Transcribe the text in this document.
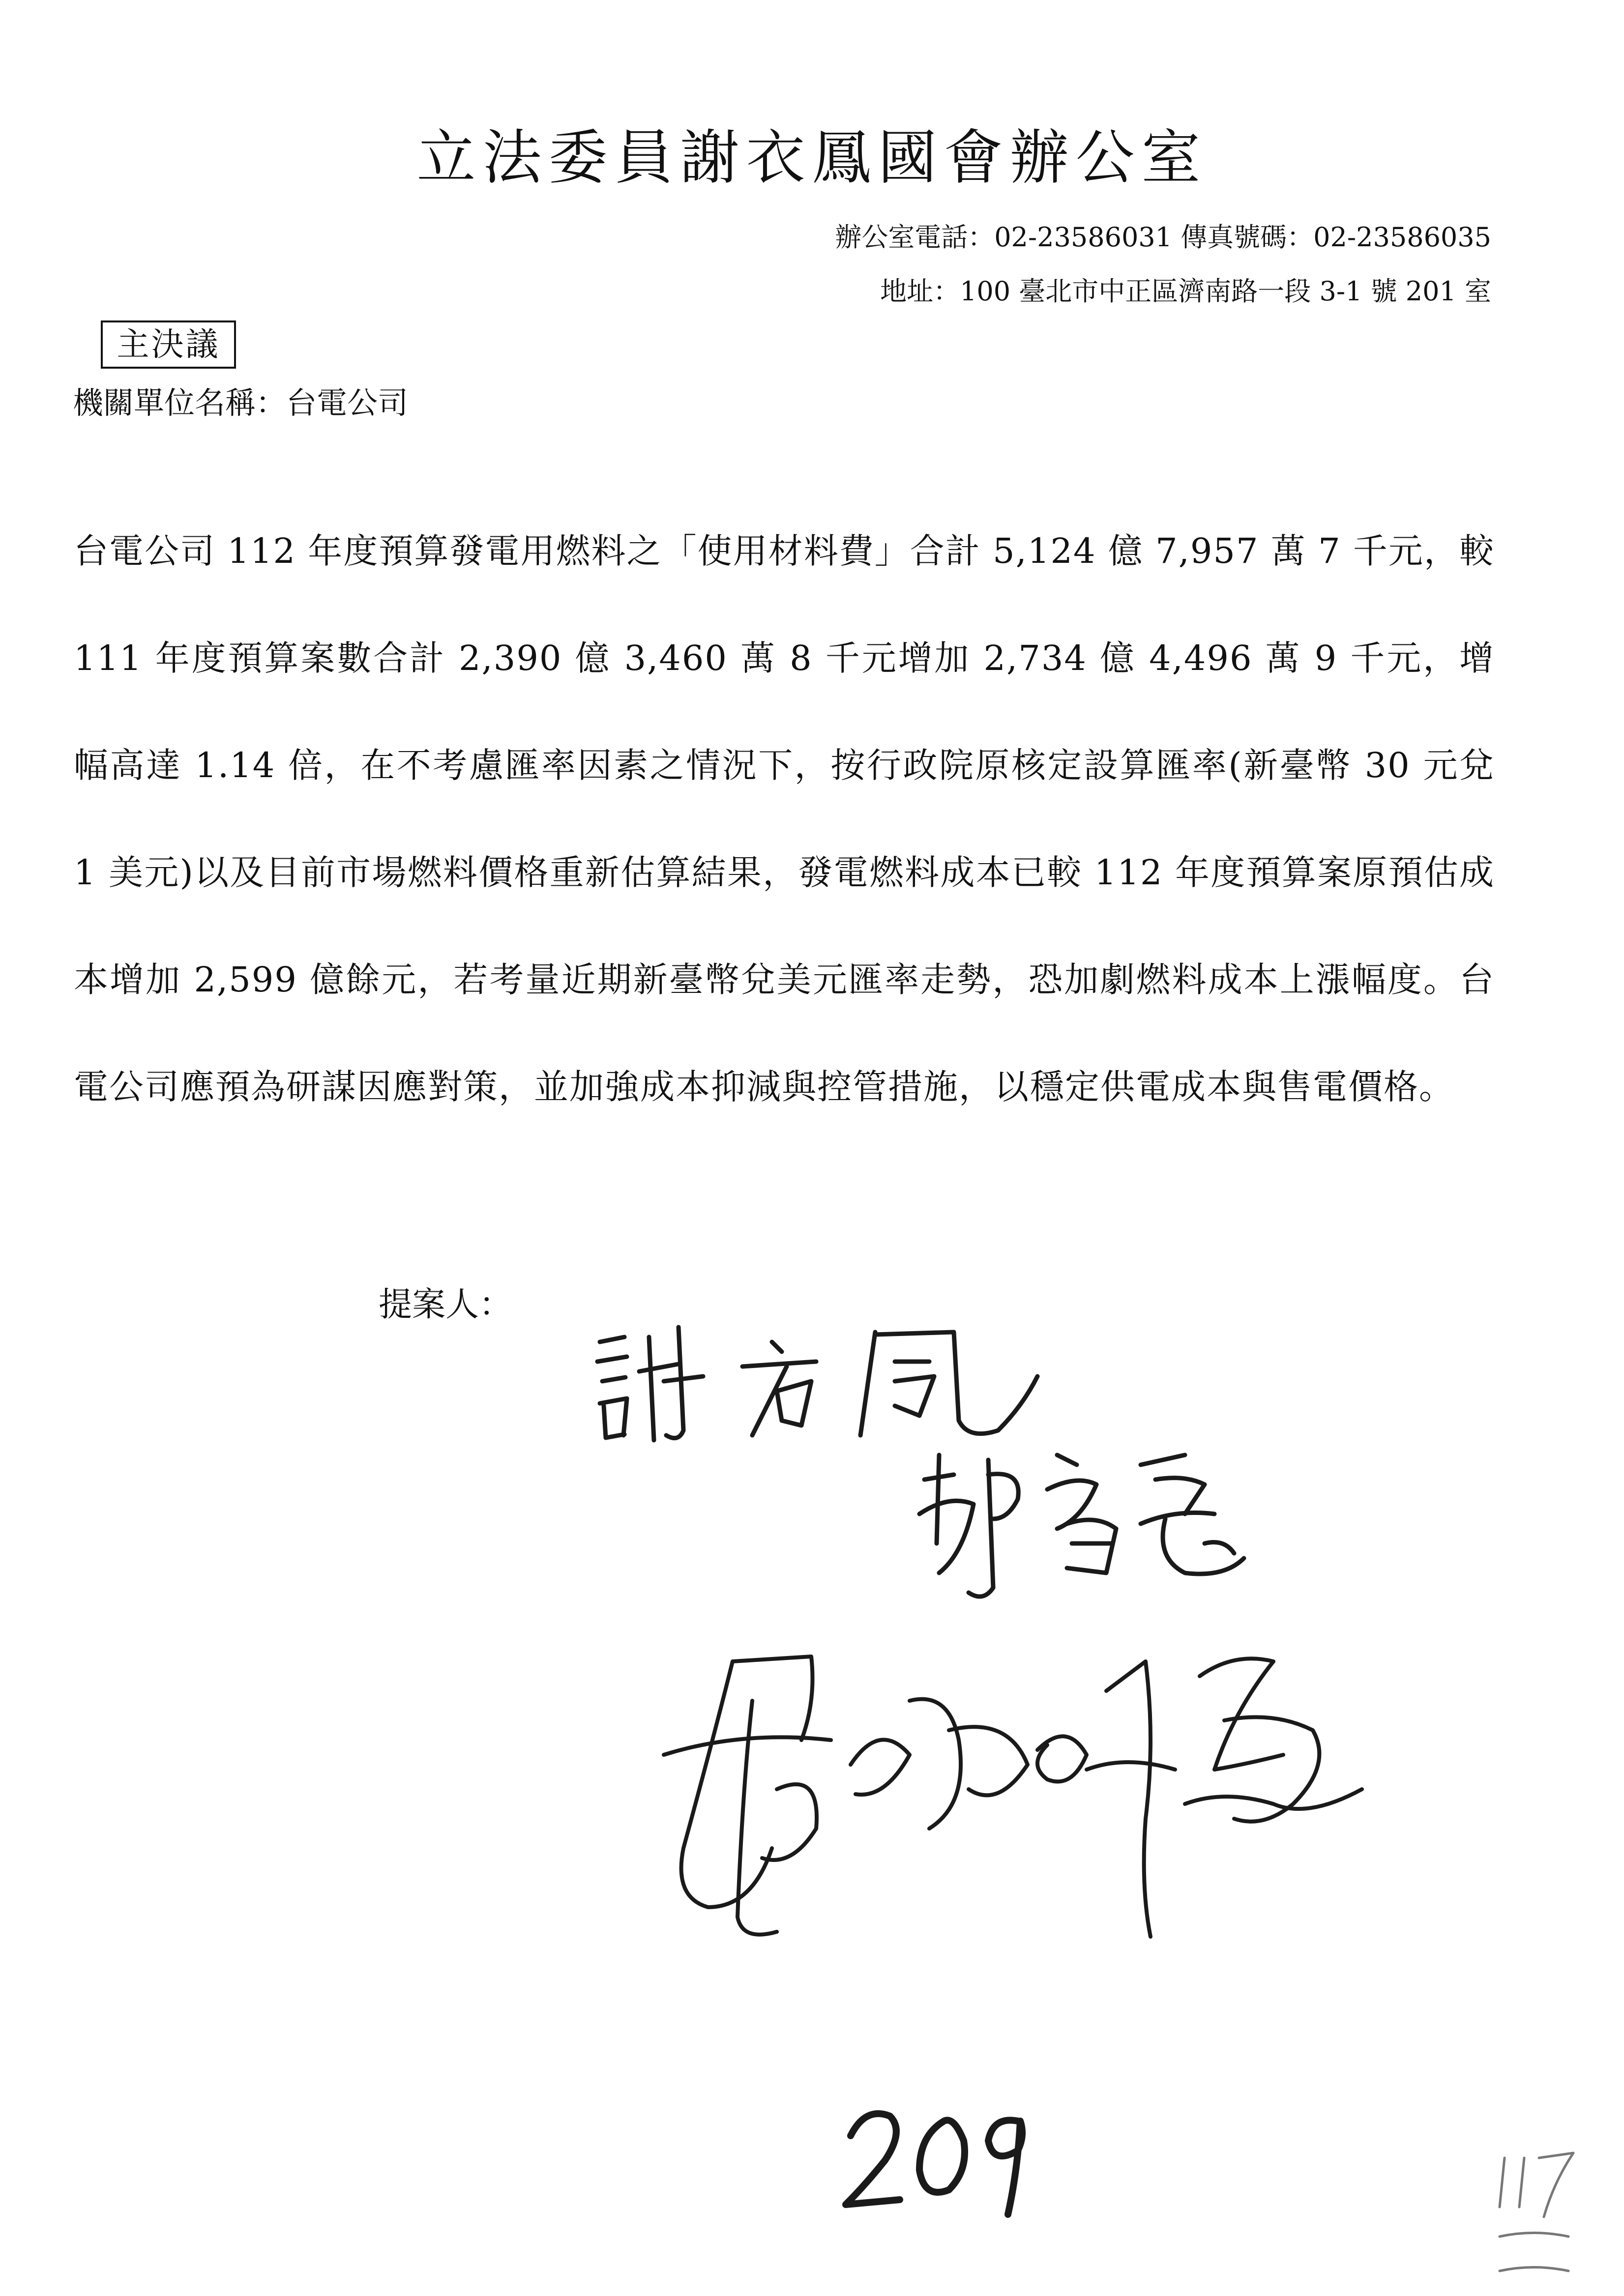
立法委員謝衣鳳國會辦公室
辦公室電話：02-23586031 傳真號碼：02-23586035
地址：100 臺北市中正區濟南路一段 3-1 號 201 室
主決議
機關單位名稱：台電公司
台電公司 112 年度預算發電用燃料之「使用材料費」合計 5,124 億 7,957 萬 7 千元，較 111 年度預算案數合計 2,390 億 3,460 萬 8 千元增加 2,734 億 4,496 萬 9 千元，增幅高達 1.14 倍，在不考慮匯率因素之情況下，按行政院原核定設算匯率(新臺幣 30 元兌 1 美元)以及目前市場燃料價格重新估算結果，發電燃料成本已較 112 年度預算案原預估成本增加 2,599 億餘元，若考量近期新臺幣兌美元匯率走勢，恐加劇燃料成本上漲幅度。台電公司應預為研謀因應對策，並加強成本抑減與控管措施，以穩定供電成本與售電價格。
提案人：
